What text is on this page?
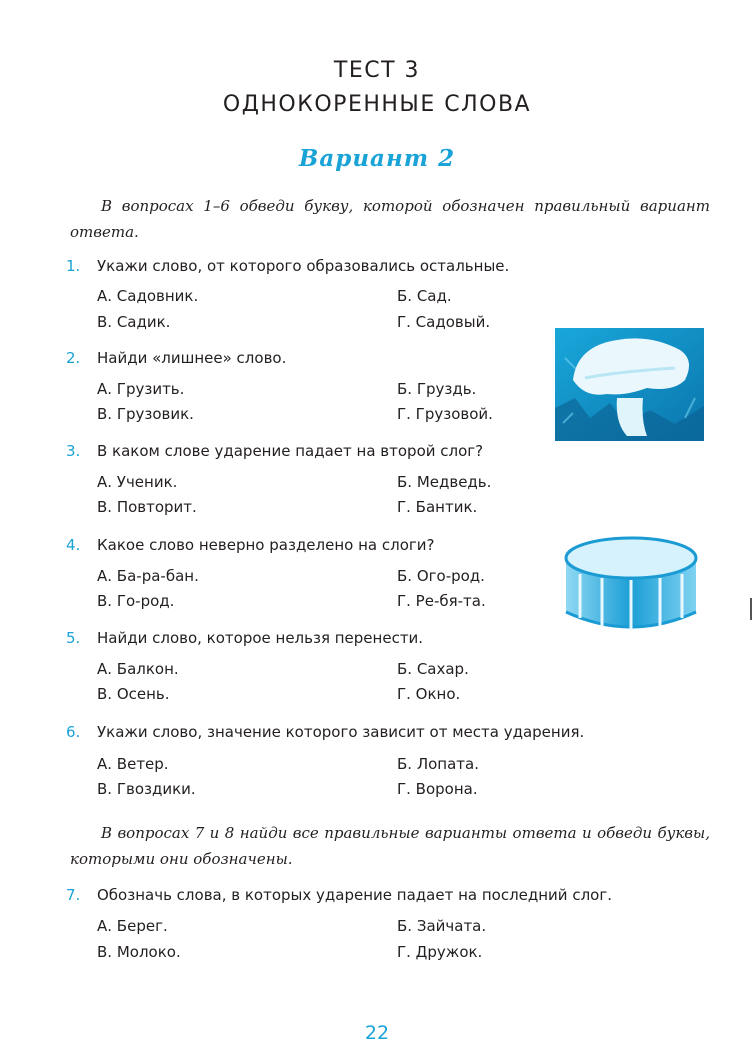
ТЕСТ 3
ОДНОКОРЕННЫЕ СЛОВА
Вариант 2
В вопросах 1–6 обведи букву, которой обозначен правильный вариант ответа.
1. Укажи слово, от которого образовались остальные.
А. Садовник.	Б. Сад.
В. Садик.	Г. Садовый.
2. Найди «лишнее» слово.
А. Грузить.	Б. Груздь.
В. Грузовик.	Г. Грузовой.
3. В каком слове ударение падает на второй слог?
А. Ученик.	Б. Медведь.
В. Повторит.	Г. Бантик.
4. Какое слово неверно разделено на слоги?
А. Ба-ра-бан.	Б. Ого-род.
В. Го-род.	Г. Ре-бя-та.
5. Найди слово, которое нельзя перенести.
А. Балкон.	Б. Сахар.
В. Осень.	Г. Окно.
6. Укажи слово, значение которого зависит от места ударения.
А. Ветер.	Б. Лопата.
В. Гвоздики.	Г. Ворона.
В вопросах 7 и 8 найди все правильные варианты ответа и обведи буквы, которыми они обозначены.
7. Обозначь слова, в которых ударение падает на последний слог.
А. Берег.	Б. Зайчата.
В. Молоко.	Г. Дружок.
22
